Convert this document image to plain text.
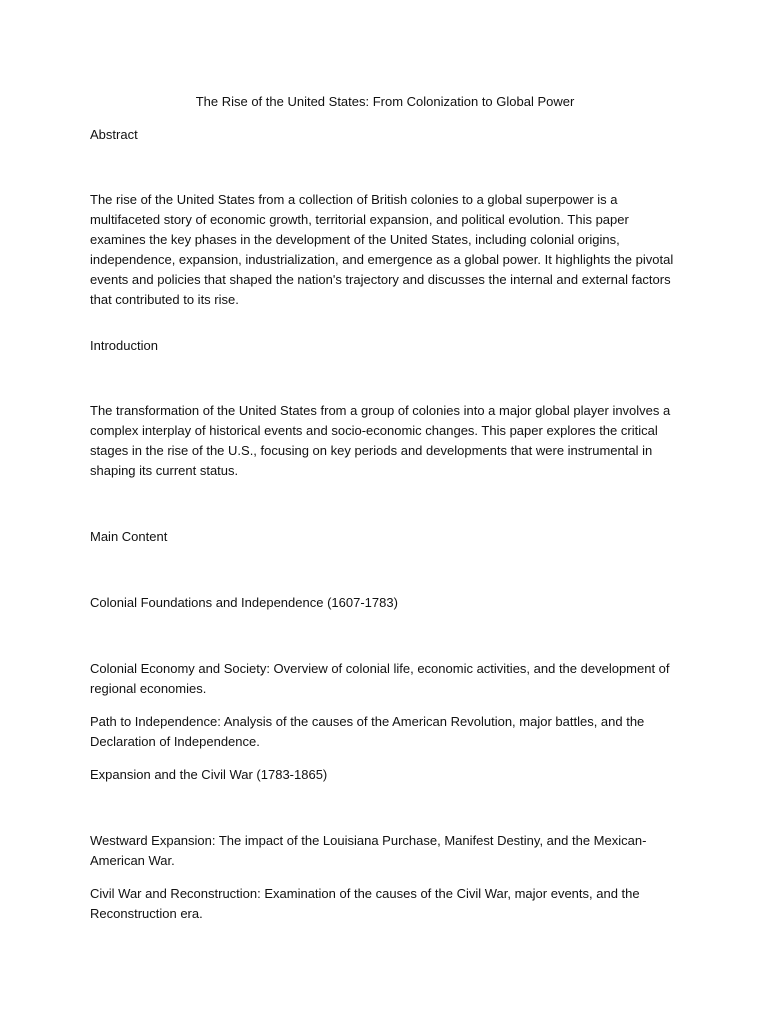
The Rise of the United States: From Colonization to Global Power

Abstract

The rise of the United States from a collection of British colonies to a global superpower is a multifaceted story of economic growth, territorial expansion, and political evolution. This paper examines the key phases in the development of the United States, including colonial origins, independence, expansion, industrialization, and emergence as a global power. It highlights the pivotal events and policies that shaped the nation's trajectory and discusses the internal and external factors that contributed to its rise.

Introduction

The transformation of the United States from a group of colonies into a major global player involves a complex interplay of historical events and socio-economic changes. This paper explores the critical stages in the rise of the U.S., focusing on key periods and developments that were instrumental in shaping its current status.

Main Content

Colonial Foundations and Independence (1607-1783)

Colonial Economy and Society: Overview of colonial life, economic activities, and the development of regional economies.

Path to Independence: Analysis of the causes of the American Revolution, major battles, and the Declaration of Independence.

Expansion and the Civil War (1783-1865)

Westward Expansion: The impact of the Louisiana Purchase, Manifest Destiny, and the Mexican-American War.

Civil War and Reconstruction: Examination of the causes of the Civil War, major events, and the Reconstruction era.
